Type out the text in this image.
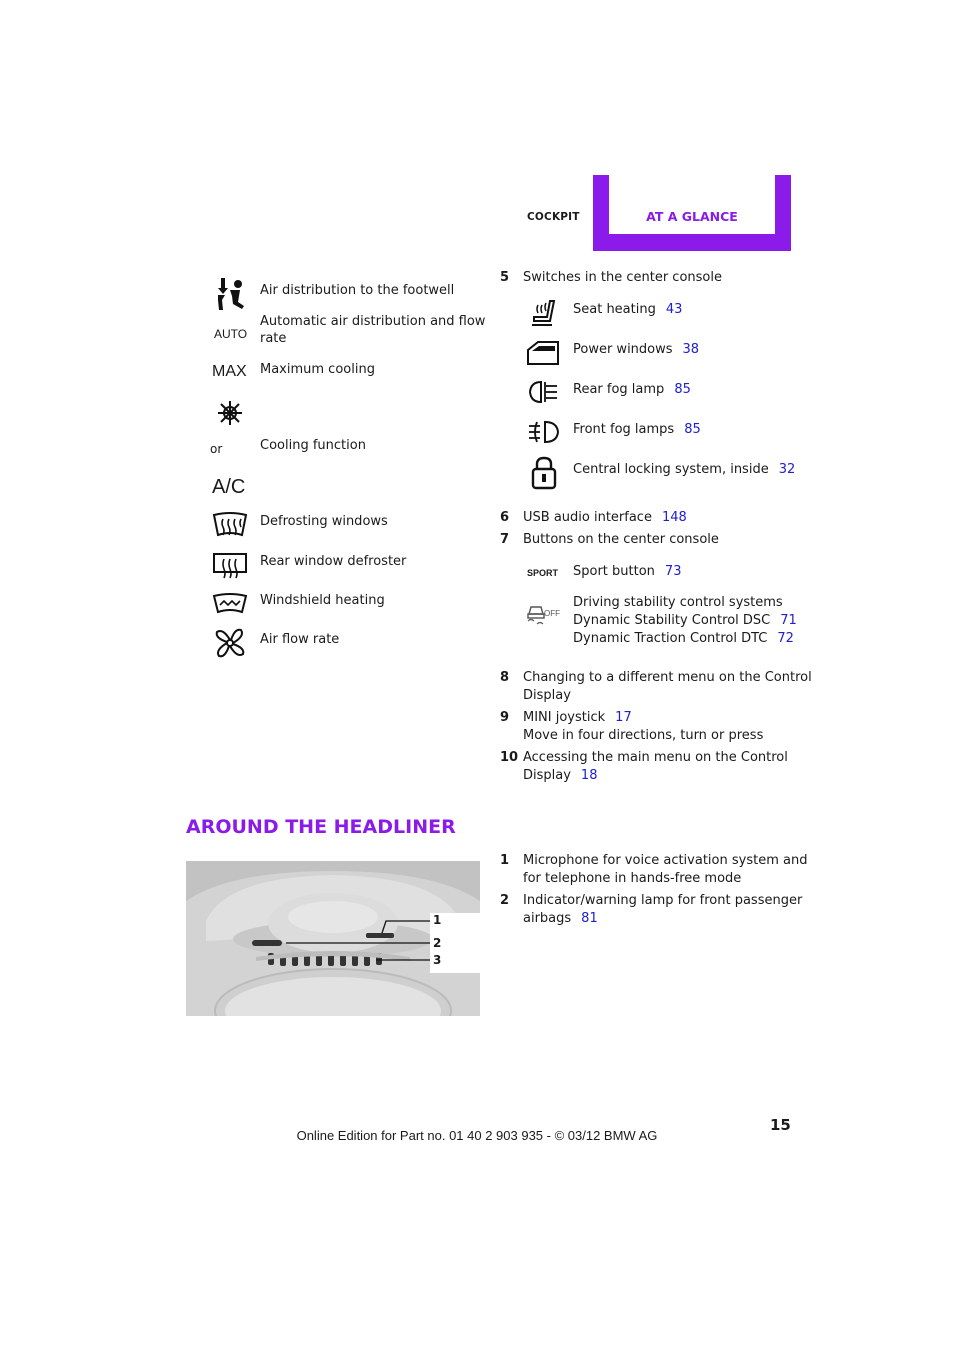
COCKPIT	AT A GLANCE
Air distribution to the footwell
AUTO
Automatic air distribution and flow
rate
MAX Maximum cooling
or	Cooling function
A/C
Defrosting windows
Rear window defroster
Windshield heating
Air flow rate
5 Switches in the center console
Seat heating 43
Power windows 38
Rear fog lamp 85
Front fog lamps 85
Central locking system, inside 32
6 USB audio interface 148
7 Buttons on the center console
SPORT Sport button 73
OFF
Driving stability control systems
Dynamic Stability Control DSC 71
Dynamic Traction Control DTC 72
8 Changing to a different menu on the Control
Display
9 MINI joystick 17
Move in four directions, turn or press
10 Accessing the main menu on the Control
Display 18
AROUND THE HEADLINER
1
2
3
1 Microphone for voice activation system and
for telephone in hands-free mode
2 Indicator/warning lamp for front passenger
airbags 81
15
Online Edition for Part no. 01 40 2 903 935 - © 03/12 BMW AG
